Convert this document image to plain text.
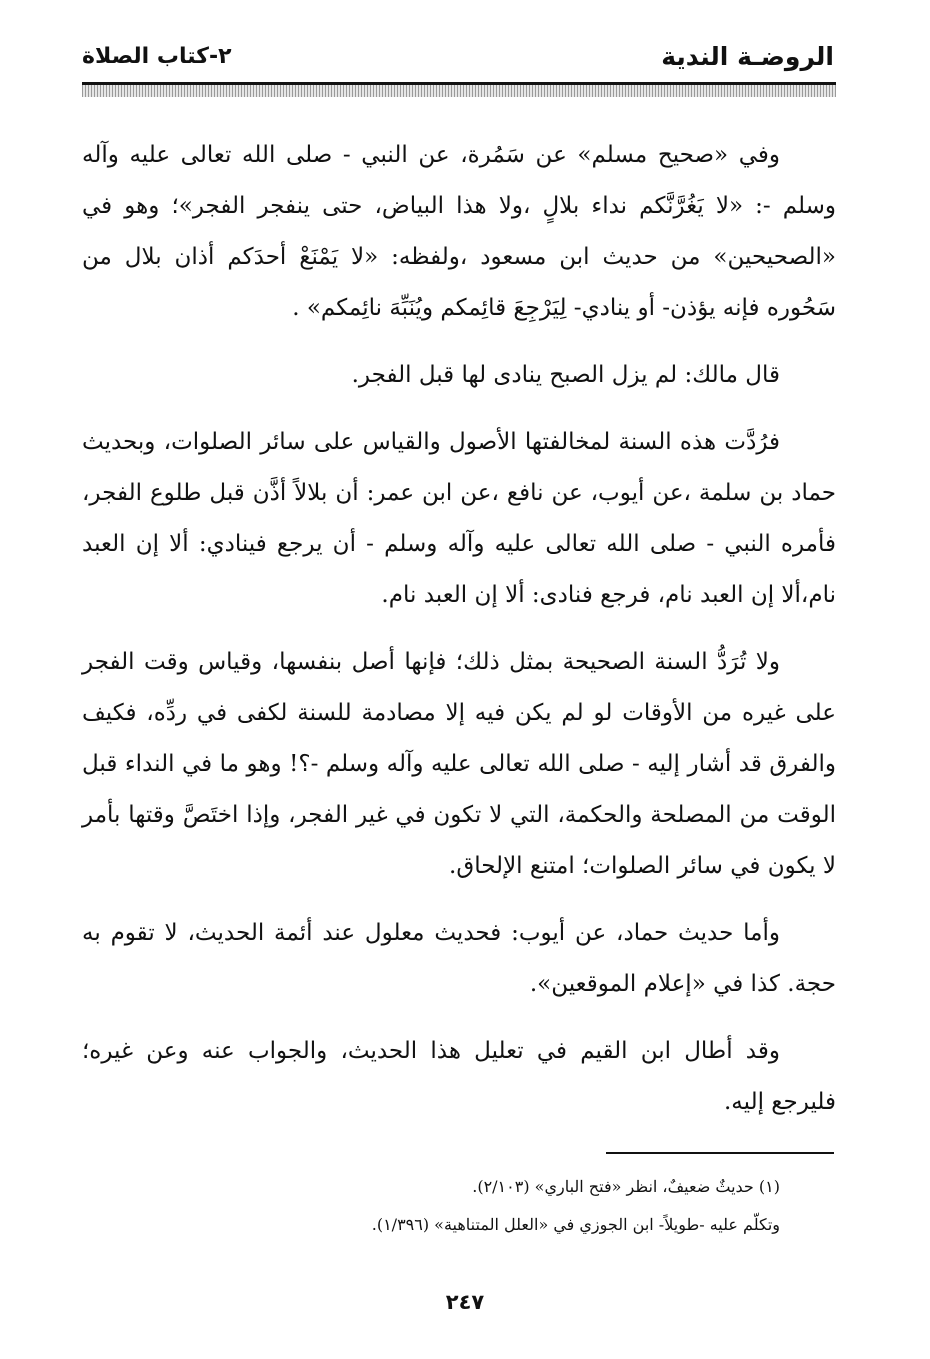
الروضـة الندية
٢-كتاب الصلاة

وفي «صحيح مسلم» عن سَمُرة، عن النبي - صلى الله تعالى عليه وآله وسلم -: «لا يَغُرَّنَّكم نداء بلالٍ ،ولا هذا البياض، حتى ينفجر الفجر»؛ وهو في «الصحيحين» من حديث ابن مسعود ،ولفظه: «لا يَمْنَعْ أحدَكم أذان بلال من سَحُوره فإنه يؤذن- أو ينادي- لِيَرْجِعَ قائِمكم ويُنَبِّهَ نائِمكم» .

قال مالك: لم يزل الصبح ينادى لها قبل الفجر.

فرُدَّت هذه السنة لمخالفتها الأصول والقياس على سائر الصلوات، وبحديث حماد بن سلمة ،عن أيوب، عن نافع ،عن ابن عمر: أن بلالاً أذَّن قبل طلوع الفجر، فأمره النبي - صلى الله تعالى عليه وآله وسلم - أن يرجع فينادي: ألا إن العبد نام،ألا إن العبد نام، فرجع فنادى: ألا إن العبد نام.

ولا تُرَدُّ السنة الصحيحة بمثل ذلك؛ فإنها أصل بنفسها، وقياس وقت الفجر على غيره من الأوقات لو لم يكن فيه إلا مصادمة للسنة لكفى في ردِّه، فكيف والفرق قد أشار إليه - صلى الله تعالى عليه وآله وسلم -؟! وهو ما في النداء قبل الوقت من المصلحة والحكمة، التي لا تكون في غير الفجر، وإذا اختَصَّ وقتها بأمر لا يكون في سائر الصلوات؛ امتنع الإلحاق.

وأما حديث حماد، عن أيوب: فحديث معلول عند أئمة الحديث، لا تقوم به حجة. كذا في «إعلام الموقعين».

وقد أطال ابن القيم في تعليل هذا الحديث، والجواب عنه وعن غيره؛ فليرجع إليه.

(١) حديثٌ ضعيفٌ، انظر «فتح الباري» (٢/١٠٣).

وتكلّم عليه -طويلاً- ابن الجوزي في «العلل المتناهية» (١/٣٩٦).

٢٤٧
